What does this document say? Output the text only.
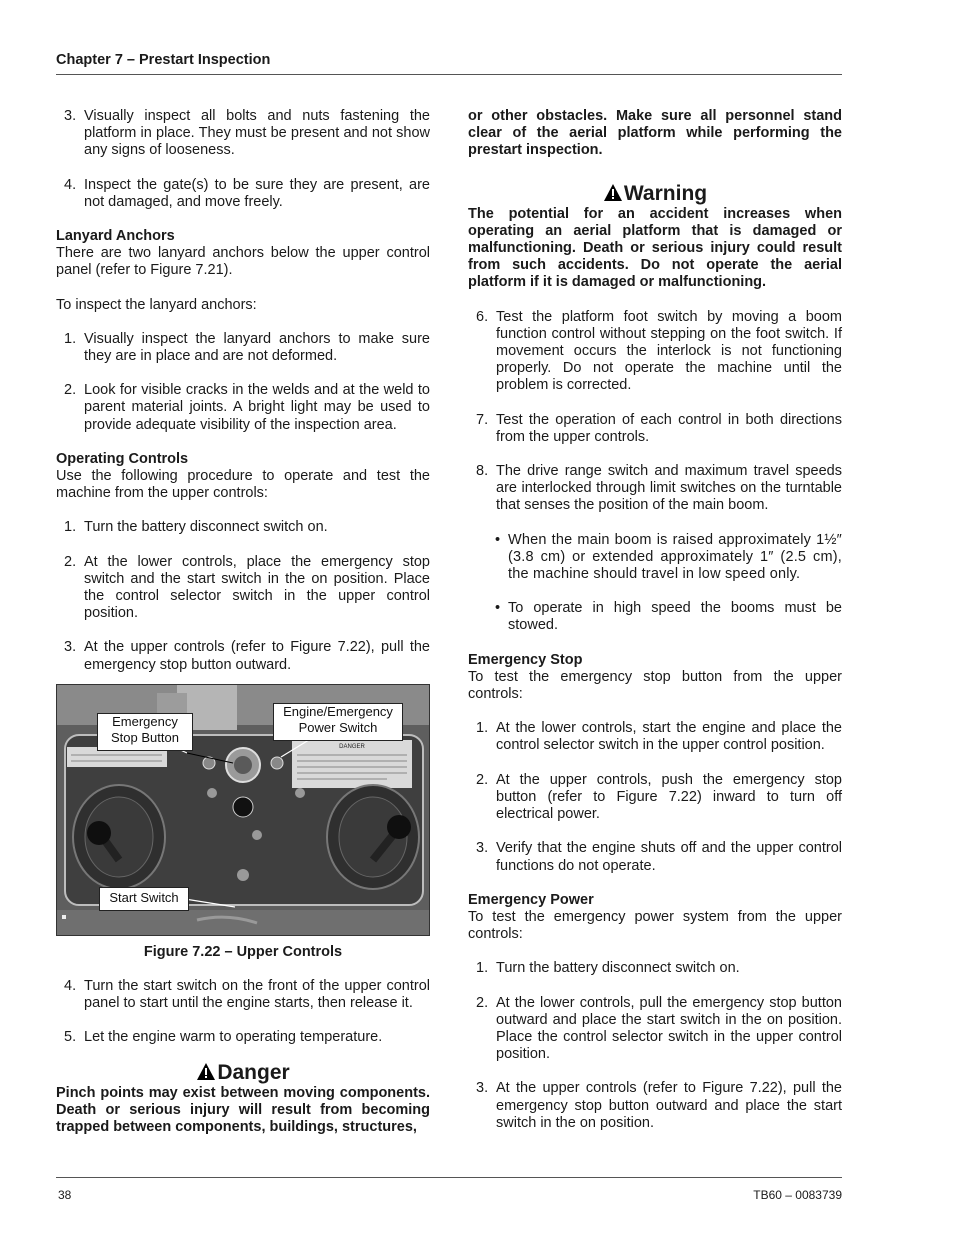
Chapter 7 – Prestart Inspection
3. Visually inspect all bolts and nuts fastening the platform in place. They must be present and not show any signs of looseness.
4. Inspect the gate(s) to be sure they are present, are not damaged, and move freely.

Lanyard Anchors

There are two lanyard anchors below the upper control panel (refer to Figure 7.21).

To inspect the lanyard anchors:

1. Visually inspect the lanyard anchors to make sure they are in place and are not deformed.
2. Look for visible cracks in the welds and at the weld to parent material joints. A bright light may be used to provide adequate visibility of the inspection area.

Operating Controls

Use the following procedure to operate and test the machine from the upper controls:

1. Turn the battery disconnect switch on.
2. At the lower controls, place the emergency stop switch and the start switch in the on position. Place the control selector switch in the upper control position.
3. At the upper controls (refer to Figure 7.22), pull the emergency stop button outward.
DANGER
Emergency Stop Button
Engine/Emergency Power Switch
Start Switch

Figure 7.22 – Upper Controls

4. Turn the start switch on the front of the upper control panel to start until the engine starts, then release it.
5. Let the engine warm to operating temperature.
Danger

Pinch points may exist between moving components. Death or serious injury will result from becoming trapped between components, buildings, structures,

or other obstacles. Make sure all personnel stand clear of the aerial platform while performing the prestart inspection.

Warning

The potential for an accident increases when operating an aerial platform that is damaged or malfunctioning. Death or serious injury could result from such accidents. Do not operate the aerial platform if it is damaged or malfunctioning.

6. Test the platform foot switch by moving a boom function control without stepping on the foot switch. If movement occurs the interlock is not functioning properly. Do not operate the machine until the problem is corrected.
7. Test the operation of each control in both directions from the upper controls.
8. The drive range switch and maximum travel speeds are interlocked through limit switches on the turntable that senses the position of the main boom.
• When the main boom is raised approximately 1½″ (3.8 cm) or extended approximately 1″ (2.5 cm), the machine should travel in low speed only.
• To operate in high speed the booms must be stowed.

Emergency Stop

To test the emergency stop button from the upper controls:

1. At the lower controls, start the engine and place the control selector switch in the upper control position.
2. At the upper controls, push the emergency stop button (refer to Figure 7.22) inward to turn off electrical power.
3. Verify that the engine shuts off and the upper control functions do not operate.

Emergency Power

To test the emergency power system from the upper controls:

1. Turn the battery disconnect switch on.
2. At the lower controls, pull the emergency stop button outward and place the start switch in the on position. Place the control selector switch in the upper control position.
3. At the upper controls (refer to Figure 7.22), pull the emergency stop button outward and place the start switch in the on position.
38	TB60 – 0083739
